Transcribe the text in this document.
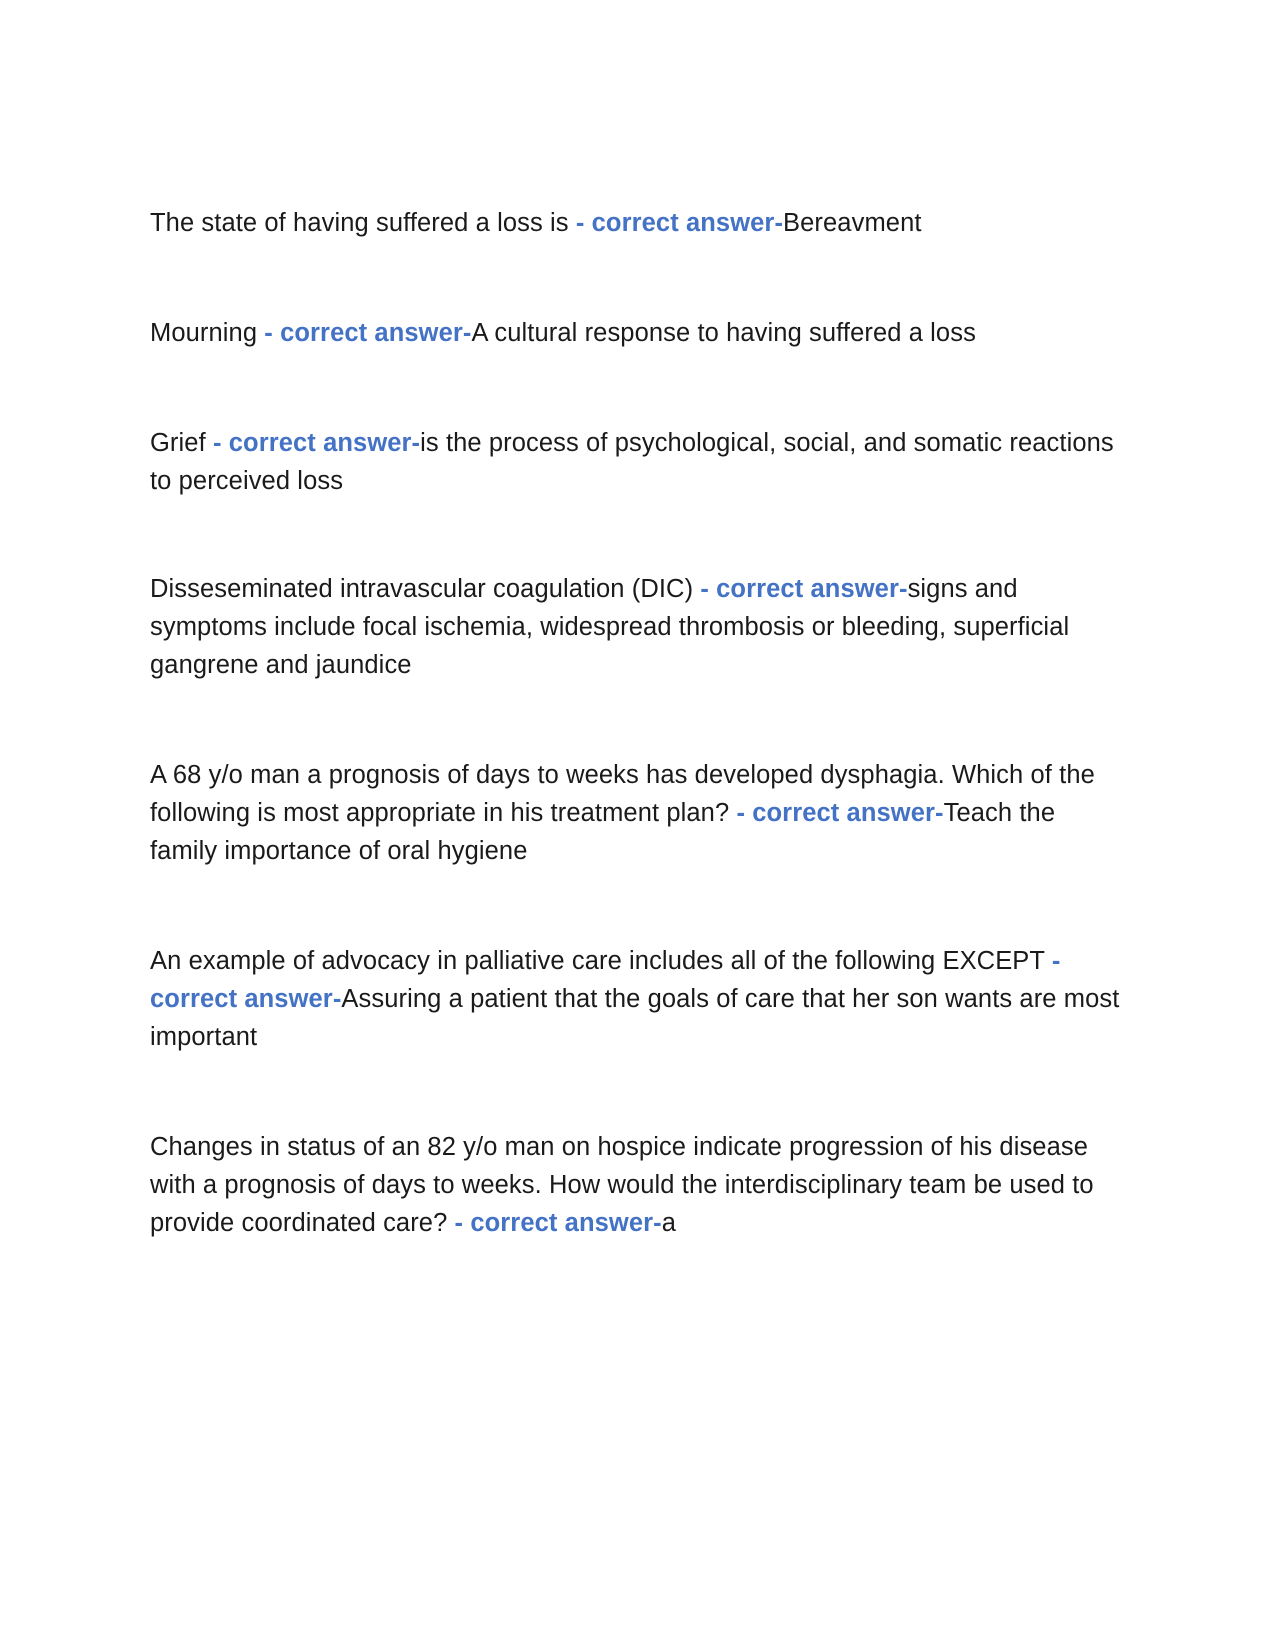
The state of having suffered a loss is - correct answer-Bereavment

Mourning - correct answer-A cultural response to having suffered a loss

Grief - correct answer-is the process of psychological, social, and somatic reactions to perceived loss

Disseseminated intravascular coagulation (DIC) - correct answer-signs and symptoms include focal ischemia, widespread thrombosis or bleeding, superficial gangrene and jaundice

A 68 y/o man a prognosis of days to weeks has developed dysphagia. Which of the following is most appropriate in his treatment plan? - correct answer-Teach the family importance of oral hygiene

An example of advocacy in palliative care includes all of the following EXCEPT - correct answer-Assuring a patient that the goals of care that her son wants are most important

Changes in status of an 82 y/o man on hospice indicate progression of his disease with a prognosis of days to weeks. How would the interdisciplinary team be used to provide coordinated care? - correct answer-a
